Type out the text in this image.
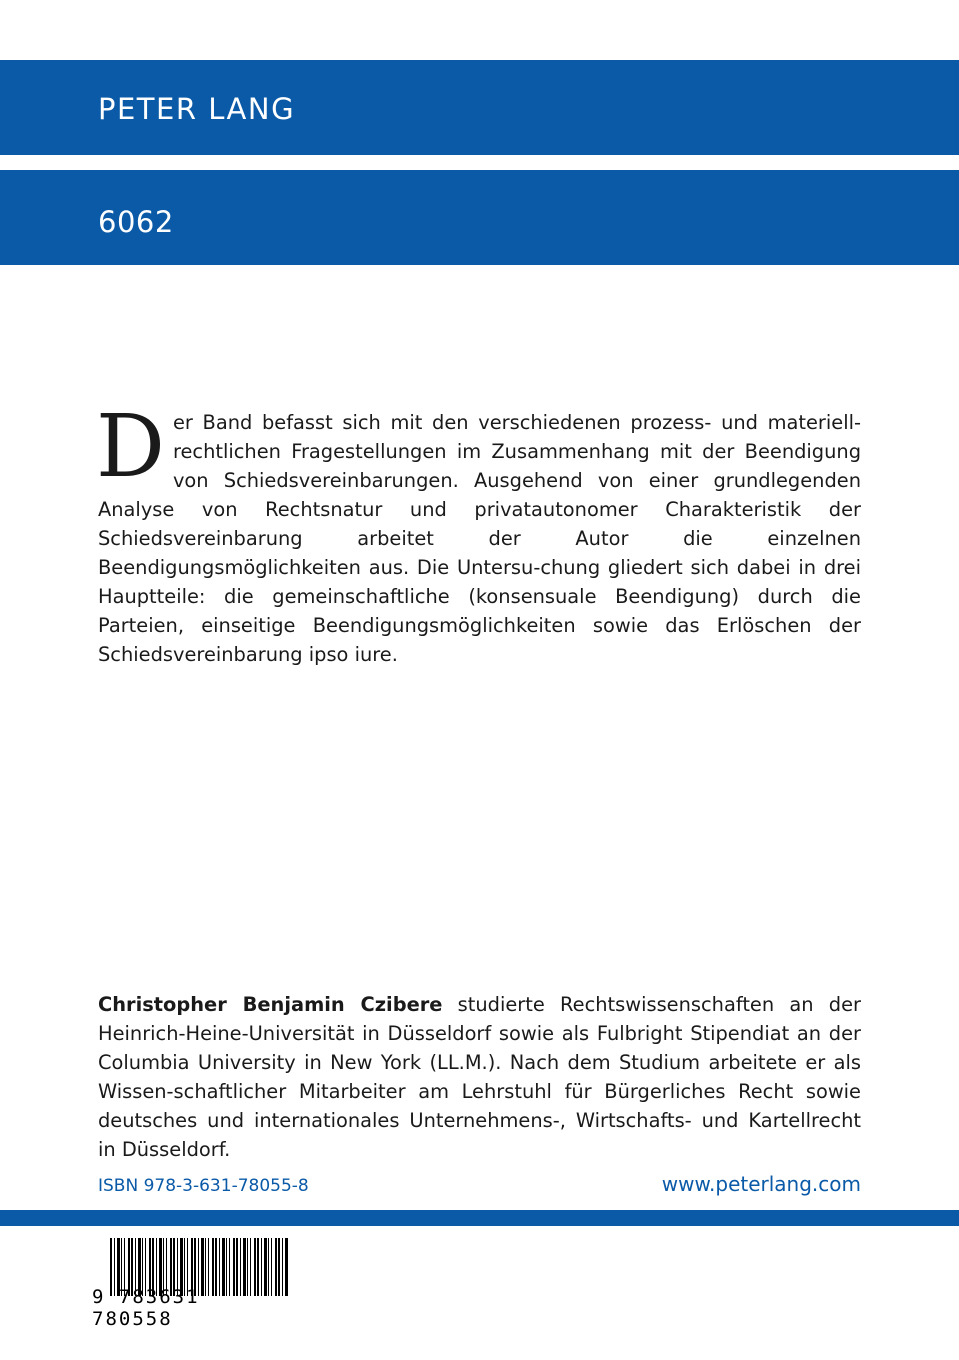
PETER LANG
6062
Der Band befasst sich mit den verschiedenen prozess- und materiell-rechtlichen Fragestellungen im Zusammenhang mit der Beendigung von Schiedsvereinbarungen. Ausgehend von einer grundlegenden Analyse von Rechtsnatur und privatautonomer Charakteristik der Schiedsvereinbarung arbeitet der Autor die einzelnen Beendigungsmöglichkeiten aus. Die Untersu-chung gliedert sich dabei in drei Hauptteile: die gemeinschaftliche (konsensuale Beendigung) durch die Parteien, einseitige Beendigungsmöglichkeiten sowie das Erlöschen der Schiedsvereinbarung ipso iure.
Christopher Benjamin Czibere studierte Rechtswissenschaften an der Heinrich-Heine-Universität in Düsseldorf sowie als Fulbright Stipendiat an der Columbia University in New York (LL.M.). Nach dem Studium arbeitete er als Wissen-schaftlicher Mitarbeiter am Lehrstuhl für Bürgerliches Recht sowie deutsches und internationales Unternehmens-, Wirtschafts- und Kartellrecht in Düsseldorf.
ISBN 978-3-631-78055-8	www.peterlang.com
9 783631 780558
